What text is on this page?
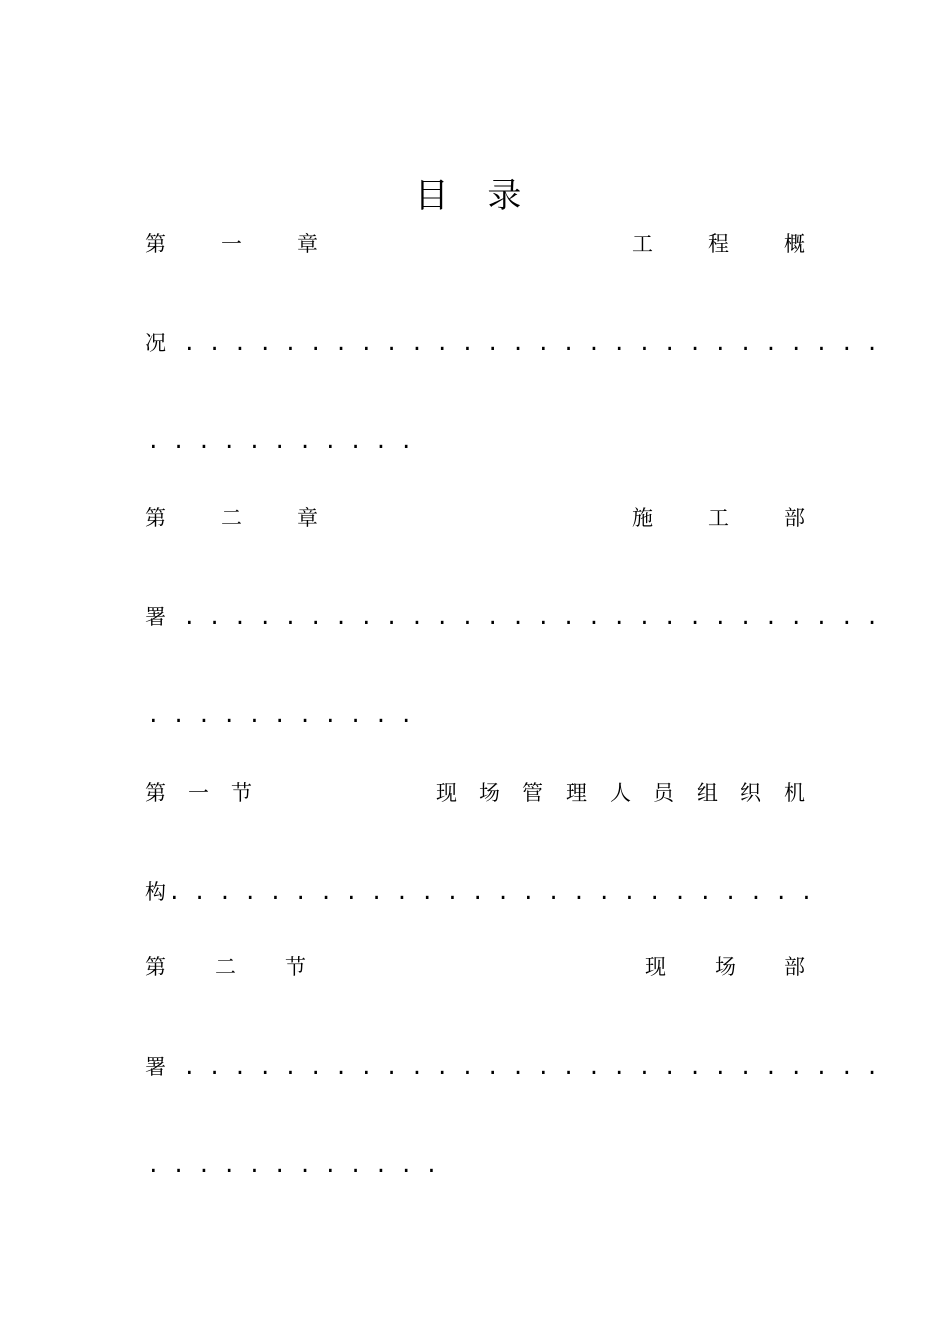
目 录
第	一	章	工	程	概
况 . . . . . . . . . . . . . . . . . . . . . . . . . . . .
. . . . . . . . . . .
第	二	章	施	工	部
署 . . . . . . . . . . . . . . . . . . . . . . . . . . . .
. . . . . . . . . . .
第 一 节	现 场 管 理 人 员 组 织 机
构 . . . . . . . . . . . . . . . . . . . . . . . . . .
第 二 节	现 场 部
署 . . . . . . . . . . . . . . . . . . . . . . . . . . . .
. . . . . . . . . . . .
